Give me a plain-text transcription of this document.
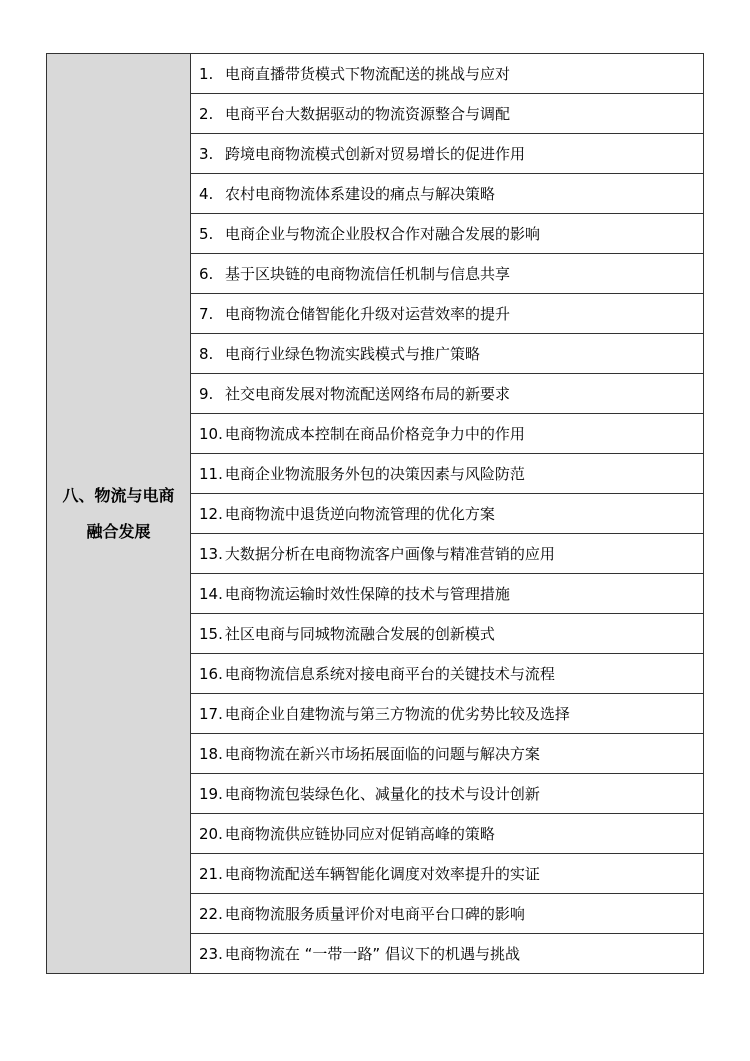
八、物流与电商
融合发展
	1. 电商直播带货模式下物流配送的挑战与应对
2. 电商平台大数据驱动的物流资源整合与调配
3. 跨境电商物流模式创新对贸易增长的促进作用
4. 农村电商物流体系建设的痛点与解决策略
5. 电商企业与物流企业股权合作对融合发展的影响
6. 基于区块链的电商物流信任机制与信息共享
7. 电商物流仓储智能化升级对运营效率的提升
8. 电商行业绿色物流实践模式与推广策略
9. 社交电商发展对物流配送网络布局的新要求
10. 电商物流成本控制在商品价格竞争力中的作用
11. 电商企业物流服务外包的决策因素与风险防范
12. 电商物流中退货逆向物流管理的优化方案
13. 大数据分析在电商物流客户画像与精准营销的应用
14. 电商物流运输时效性保障的技术与管理措施
15. 社区电商与同城物流融合发展的创新模式
16. 电商物流信息系统对接电商平台的关键技术与流程
17. 电商企业自建物流与第三方物流的优劣势比较及选择
18. 电商物流在新兴市场拓展面临的问题与解决方案
19. 电商物流包装绿色化、减量化的技术与设计创新
20. 电商物流供应链协同应对促销高峰的策略
21. 电商物流配送车辆智能化调度对效率提升的实证
22. 电商物流服务质量评价对电商平台口碑的影响
23. 电商物流在 “一带一路” 倡议下的机遇与挑战
